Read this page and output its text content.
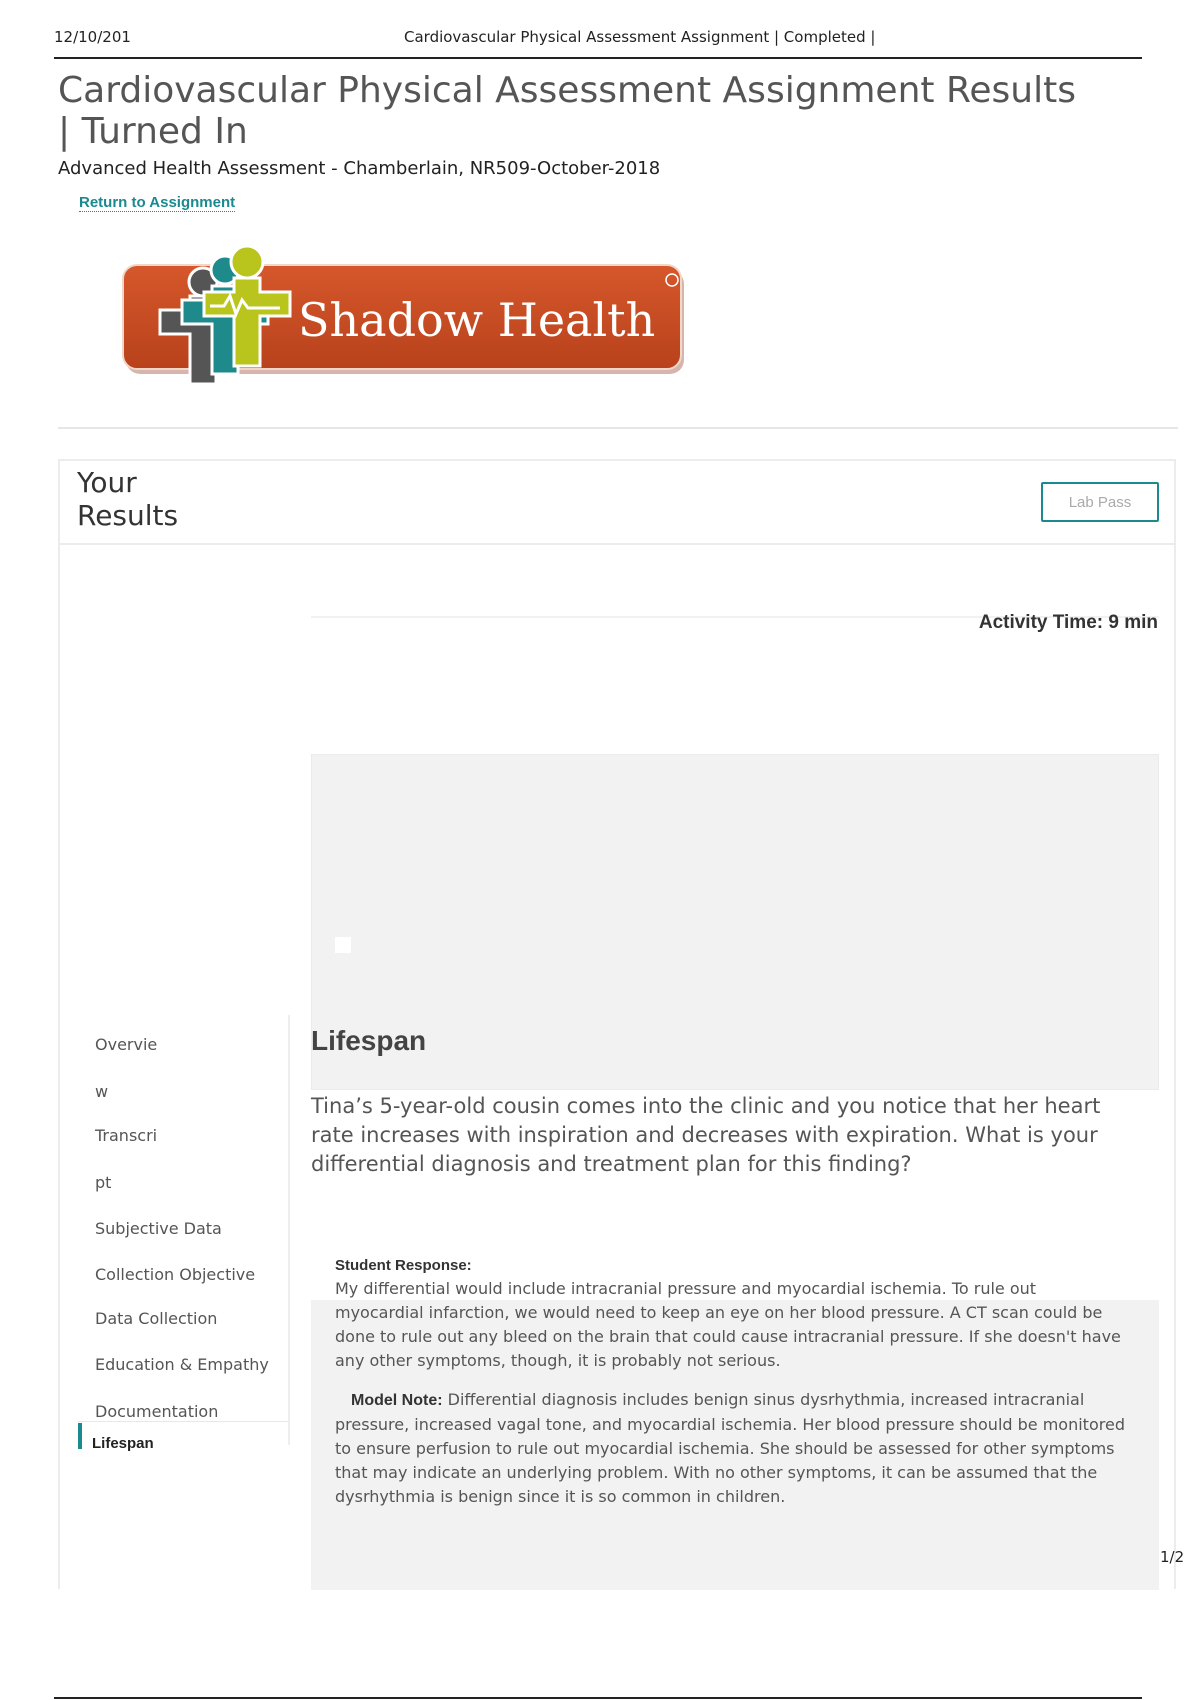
12/10/201	Cardiovascular Physical Assessment Assignment | Completed |
Cardiovascular Physical Assessment Assignment Results | Turned In
Advanced Health Assessment - Chamberlain, NR509-October-2018
Return to Assignment
Shadow Health
Your Results	Lab Pass
Activity Time: 9 min
Lifespan
Tina’s 5-year-old cousin comes into the clinic and you notice that her heart rate increases with inspiration and decreases with expiration. What is your differential diagnosis and treatment plan for this finding?
Overvie
w
Transcri
pt
Subjective Data
Collection Objective
Data Collection
Education & Empathy
Documentation
Lifespan
Student Response:
My differential would include intracranial pressure and myocardial ischemia. To rule out myocardial infarction, we would need to keep an eye on her blood pressure. A CT scan could be done to rule out any bleed on the brain that could cause intracranial pressure. If she doesn't have any other symptoms, though, it is probably not serious.
Model Note: Differential diagnosis includes benign sinus dysrhythmia, increased intracranial pressure, increased vagal tone, and myocardial ischemia. Her blood pressure should be monitored to ensure perfusion to rule out myocardial ischemia. She should be assessed for other symptoms that may indicate an underlying problem. With no other symptoms, it can be assumed that the dysrhythmia is benign since it is so common in children.
1/2
